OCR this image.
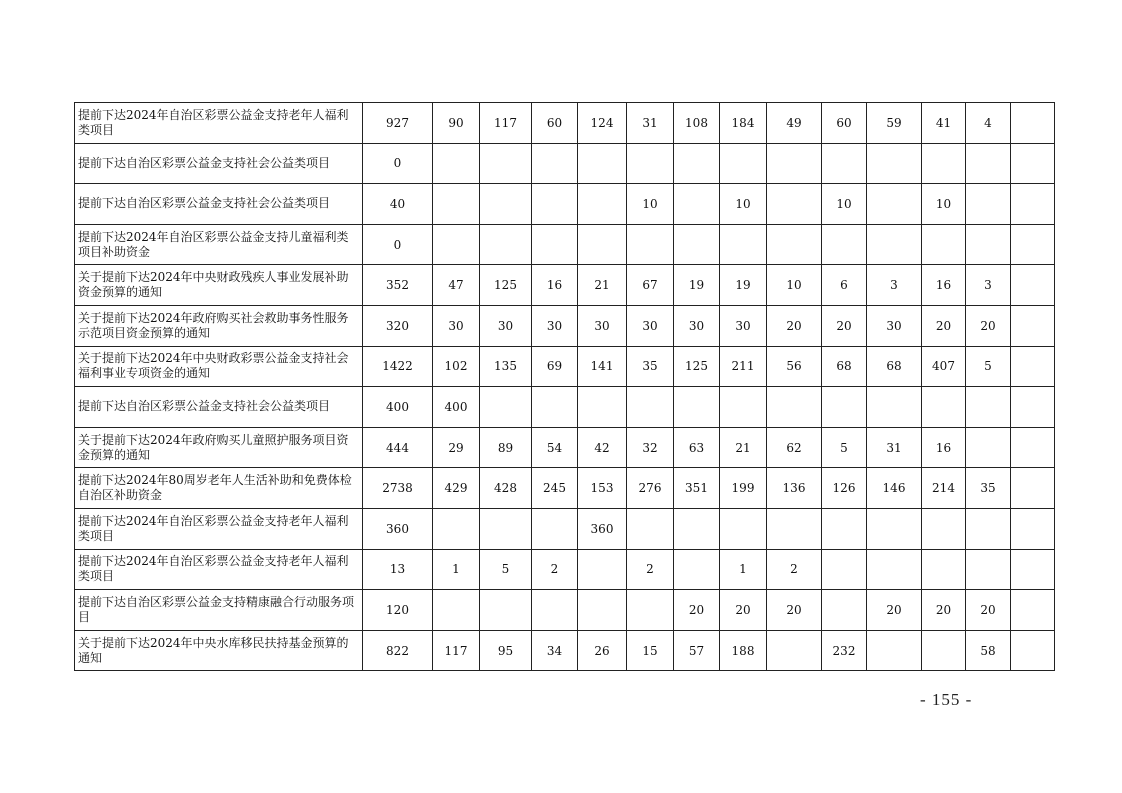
提前下达2024年自治区彩票公益金支持老年人福利类项目	927	90	117	60	124	31	108	184	49	60	59	41	4	
提前下达自治区彩票公益金支持社会公益类项目	0													
提前下达自治区彩票公益金支持社会公益类项目	40					10		10		10		10		
提前下达2024年自治区彩票公益金支持儿童福利类项目补助资金	0													
关于提前下达2024年中央财政残疾人事业发展补助资金预算的通知	352	47	125	16	21	67	19	19	10	6	3	16	3	
关于提前下达2024年政府购买社会救助事务性服务示范项目资金预算的通知	320	30	30	30	30	30	30	30	20	20	30	20	20	
关于提前下达2024年中央财政彩票公益金支持社会福利事业专项资金的通知	1422	102	135	69	141	35	125	211	56	68	68	407	5	
提前下达自治区彩票公益金支持社会公益类项目	400	400												
关于提前下达2024年政府购买儿童照护服务项目资金预算的通知	444	29	89	54	42	32	63	21	62	5	31	16		
提前下达2024年80周岁老年人生活补助和免费体检自治区补助资金	2738	429	428	245	153	276	351	199	136	126	146	214	35	
提前下达2024年自治区彩票公益金支持老年人福利类项目	360				360									
提前下达2024年自治区彩票公益金支持老年人福利类项目	13	1	5	2		2		1	2					
提前下达自治区彩票公益金支持精康融合行动服务项目	120						20	20	20		20	20	20	
关于提前下达2024年中央水库移民扶持基金预算的通知	822	117	95	34	26	15	57	188		232			58	
- 155 -
